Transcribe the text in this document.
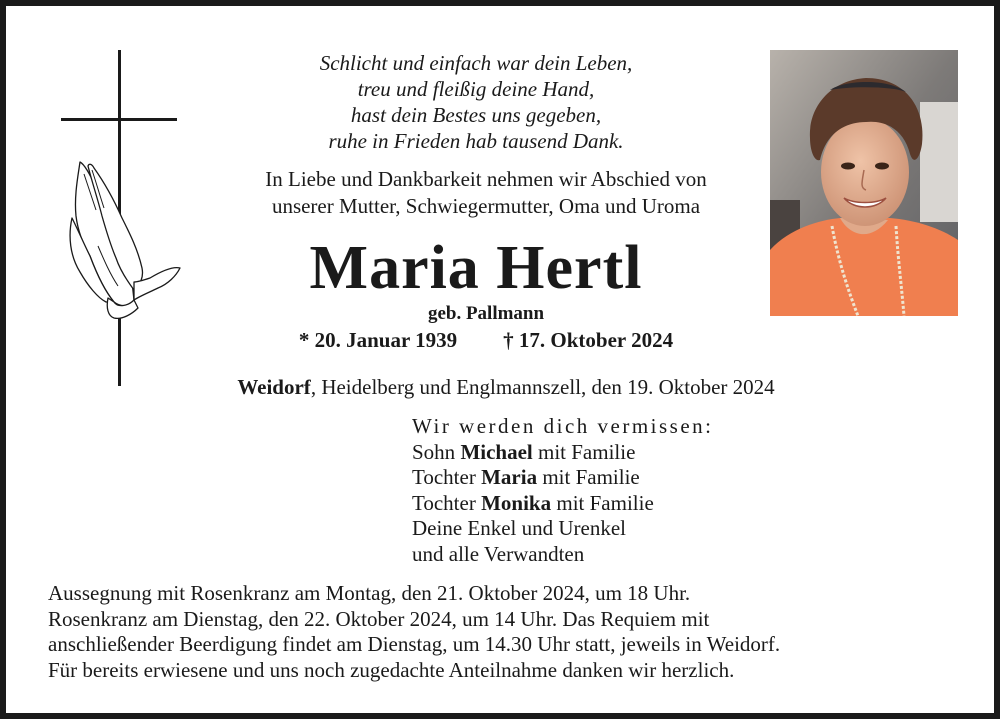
Schlicht und einfach war dein Leben,
treu und fleißig deine Hand,
hast dein Bestes uns gegeben,
ruhe in Frieden hab tausend Dank.
In Liebe und Dankbarkeit nehmen wir Abschied von
unserer Mutter, Schwiegermutter, Oma und Uroma
Maria Hertl
geb. Pallmann
* 20. Januar 1939 † 17. Oktober 2024
Weidorf, Heidelberg und Englmannszell, den 19. Oktober 2024
Wir werden dich vermissen:
Sohn Michael mit Familie
Tochter Maria mit Familie
Tochter Monika mit Familie
Deine Enkel und Urenkel
und alle Verwandten
Aussegnung mit Rosenkranz am Montag, den 21. Oktober 2024, um 18 Uhr.
Rosenkranz am Dienstag, den 22. Oktober 2024, um 14 Uhr. Das Requiem mit
anschließender Beerdigung findet am Dienstag, um 14.30 Uhr statt, jeweils in Weidorf.
Für bereits erwiesene und uns noch zugedachte Anteilnahme danken wir herzlich.
